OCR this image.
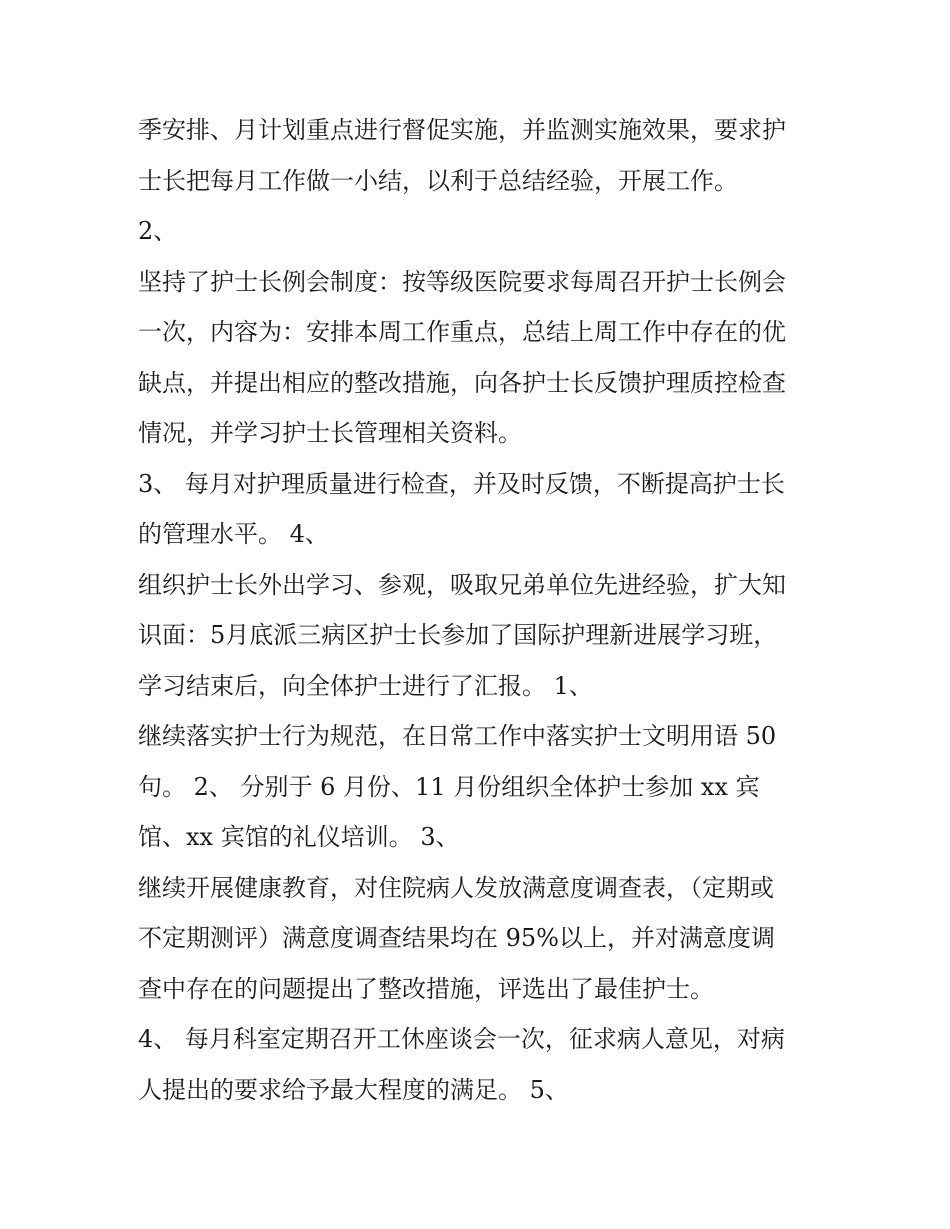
季安排、月计划重点进行督促实施，并监测实施效果，要求护
士长把每月工作做一小结，以利于总结经验，开展工作。
2、
坚持了护士长例会制度：按等级医院要求每周召开护士长例会
一次，内容为：安排本周工作重点，总结上周工作中存在的优
缺点，并提出相应的整改措施，向各护士长反馈护理质控检查
情况，并学习护士长管理相关资料。
3、 每月对护理质量进行检查，并及时反馈，不断提高护士长
的管理水平。 4、
组织护士长外出学习、参观，吸取兄弟单位先进经验，扩大知
识面：5月底派三病区护士长参加了国际护理新进展学习班，
学习结束后，向全体护士进行了汇报。 1、
继续落实护士行为规范，在日常工作中落实护士文明用语 50
句。 2、 分别于 6 月份、11 月份组织全体护士参加 xx 宾
馆、xx 宾馆的礼仪培训。 3、
继续开展健康教育，对住院病人发放满意度调查表，（定期或
不定期测评）满意度调查结果均在 95%以上，并对满意度调
查中存在的问题提出了整改措施，评选出了最佳护士。
4、 每月科室定期召开工休座谈会一次，征求病人意见，对病
人提出的要求给予最大程度的满足。 5、
